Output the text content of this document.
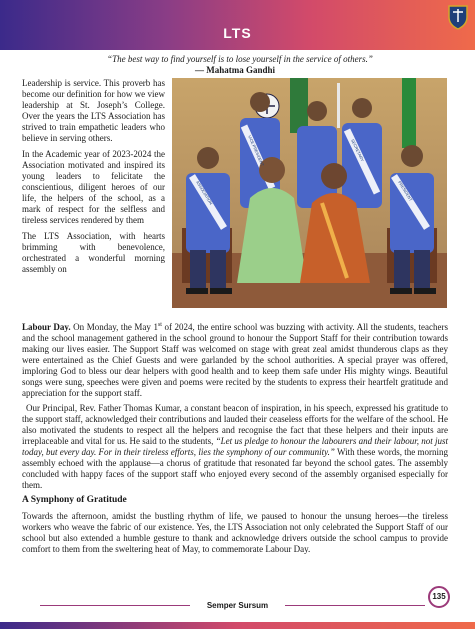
LTS
“The best way to find yourself is to lose yourself in the service of others.”
— Mahatma Gandhi

Leadership is service. This proverb has become our definition for how we view leadership at St. Joseph’s College. Over the years the LTS Association has strived to train empathetic leaders who believe in serving others.

In the Academic year of 2023-2024 the Association motivated and inspired its young leaders to felicitate the conscientious, diligent heroes of our life, the helpers of the school, as a mark of respect for the selfless and tireless services rendered by them

The LTS Association, with hearts brimming with benevolence, orchestrated a wonderful morning assembly on

ASSOCIATION
VICE PRESIDENT	SECRETARY
PRESIDENT

Labour Day. On Monday, the May 1st of 2024, the entire school was buzzing with activity. All the students, teachers and the school management gathered in the school ground to honour the Support Staff for their contribution towards making our lives easier. The Support Staff was welcomed on stage with great zeal amidst thunderous claps as they were entertained as the Chief Guests and were garlanded by the school authorities. A special prayer was offered, imploring God to bless our dear helpers with good health and to keep them safe under His mighty wings. Beautiful songs were sung, speeches were given and poems were recited by the students to express their heartfelt gratitude and appreciation for the support staff.

Our Principal, Rev. Father Thomas Kumar, a constant beacon of inspiration, in his speech, expressed his gratitude to the support staff, acknowledged their contributions and lauded their ceaseless efforts for the welfare of the school. He also motivated the students to respect all the helpers and recognise the fact that these helpers and their inputs are irreplaceable and vital for us. He said to the students, “Let us pledge to honour the labourers and their labour, not just today, but every day. For in their tireless efforts, lies the symphony of our community.” With these words, the morning assembly echoed with the applause—a chorus of gratitude that resonated far beyond the school gates. The assembly concluded with happy faces of the support staff who enjoyed every second of the assembly organised especially for them.

A Symphony of Gratitude

Towards the afternoon, amidst the bustling rhythm of life, we paused to honour the unsung heroes—the tireless workers who weave the fabric of our existence. Yes, the LTS Association not only celebrated the Support Staff of our school but also extended a humble gesture to thank and acknowledge drivers outside the school campus to provide comfort to them from the sweltering heat of May, to commemorate Labour Day.

Semper Sursum
135
